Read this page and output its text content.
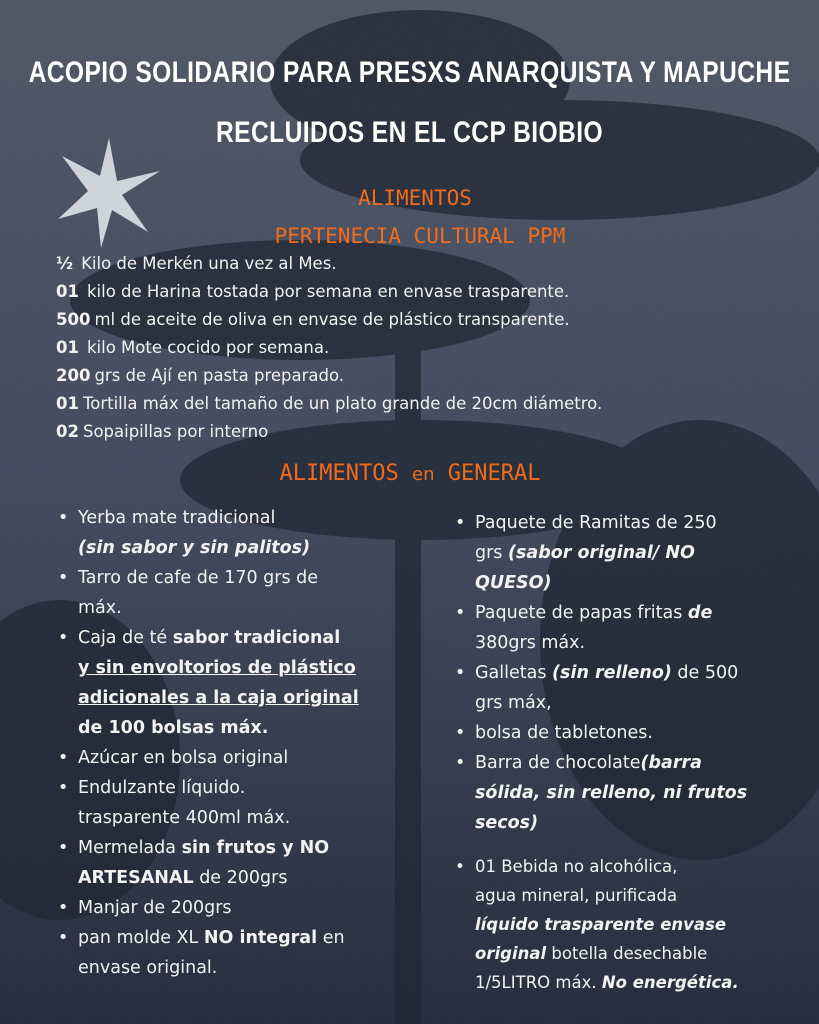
ACOPIO SOLIDARIO PARA PRESXS ANARQUISTA Y MAPUCHE
RECLUIDOS EN EL CCP BIOBIO
ALIMENTOS
PERTENECIA CULTURAL PPM
½ Kilo de Merkén una vez al Mes.
01 kilo de Harina tostada por semana en envase trasparente.
500 ml de aceite de oliva en envase de plástico transparente.
01 kilo Mote cocido por semana.
200 grs de Ají en pasta preparado.
01 Tortilla máx del tamaño de un plato grande de 20cm diámetro.
02 Sopaipillas por interno
ALIMENTOS en GENERAL
• Yerba mate tradicional
(sin sabor y sin palitos)
• Tarro de cafe de 170 grs de
máx.
• Caja de té sabor tradicional
y sin envoltorios de plástico
adicionales a la caja original
de 100 bolsas máx.
• Azúcar en bolsa original
• Endulzante líquido.
trasparente 400ml máx.
• Mermelada sin frutos y NO
ARTESANAL de 200grs
• Manjar de 200grs
• pan molde XL NO integral en
envase original.
• Paquete de Ramitas de 250
grs (sabor original/ NO
QUESO)
• Paquete de papas fritas de
380grs máx.
• Galletas (sin relleno) de 500
grs máx,
• bolsa de tabletones.
• Barra de chocolate(barra
sólida, sin relleno, ni frutos
secos)
• 01 Bebida no alcohólica,
agua mineral, purificada
líquido trasparente envase
original botella desechable
1/5LITRO máx. No energética.
